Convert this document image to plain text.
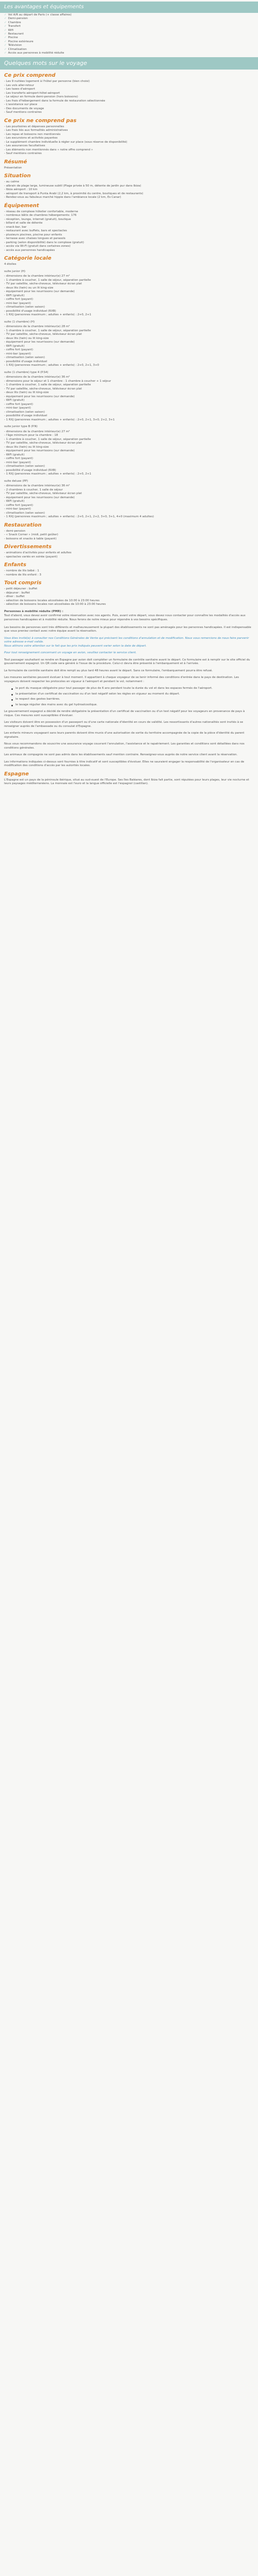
Les avantages et équipements
✓ Vol A/R au départ de Paris (+ classe affaires)
✓ Demi-pension
✓ Chambre
✓ Transfert
✓ Wifi
✓ Restaurant
✓ Piscine
✓ Piscine extérieure
✓ Télévision
✓ Climatisation
✓ Accès aux personnes à mobilité réduite
Quelques mots sur le voyage
Ce prix comprend
- Les 9 nuitées logement à l'hôtel par personne (bien choisi)
- Les vols aller-retour
- Les taxes d'aéroport
- Les transferts aéroport-hôtel-aéroport
- Le séjour en formule demi-pension (hors boissons)
- Les frais d'hébergement dans la formule de restauration sélectionnée
- L'assistance sur place
- Des documents de voyage
- Sauf mentions contraires
Ce prix ne comprend pas
- Les pourboires et dépenses personnelles
- Les frais liés aux formalités administratives
- Les repas et boissons non mentionnés
- Les excursions et activités payantes
- Le supplément chambre individuelle à régler sur place (sous réserve de disponibilité)
- Les assurances facultatives
- Les éléments non mentionnés dans « notre offre comprend »
- Sauf mentions contraires
Résumé
Présentation
Situation
- au calme
- albrain de plage large, lumineuse subtil (Plage privée à 50 m, détente de jardin pur dans Ibiza)
- Ibiza aéroport : 10 km
- aéroport de transport à Punta Arabi (2,2 km, à proximité du centre, boutiques et de restaurants)
- Rendez-vous au fabuleux marché hippie dans l'ambiance locale (2 km, Es Canar)
Équipement
- réseau de complexe hôtelier confortable, moderne
- nombreux bâtis de chambres hébergements: 176
- réception, lounge, internet (gratuit), boutique
- billard et salle de détente
- snack-bar, bar
- restaurant avec buffets, bars et spectacles
- plusieurs piscines, piscine pour enfants
- terrasse avec chaises longues et parasols
- parking (selon disponibilité) dans le complexe (gratuit)
- accès via Wi-Fi (gratuit dans certaines zones)
- accès aux personnes handicapées
Catégorie locale
4 étoiles
suite junior (H)
- dimensions de la chambre intérieur(e) 27 m²
- 1 chambre à coucher, 1 salle de séjour, séparation partielle
- TV par satellite, sèche-cheveux, téléviseur écran plat
- deux lits (twin) ou un lit king-size
- équipement pour les nourrissons (sur demande)
- WiFi (gratuit)
- coffre fort (payant)
- mini-bar (payant)
- climatisation (selon saison)
- possibilité d'usage individuel (RXB)
- 1 RXJ (personnes maximum ; adultes + enfants) : 2+0, 2+1
suite (1 chambre) (H)
- dimensions de la chambre intérieur(e) 28 m²
- 1 chambre à coucher, 1 salle de séjour, séparation partielle
- TV par satellite, sèche-cheveux, téléviseur écran plat
- deux lits (twin) ou lit king-size
- équipement pour les nourrissons (sur demande)
- WiFi (gratuit)
- coffre fort (payant)
- mini-bar (payant)
- climatisation (selon saison)
- possibilité d'usage individuel
- 1 RXJ (personnes maximum ; adultes + enfants) : 2+0, 2+1, 3+0
suite (1 chambre) type 4 (P.S4)
- dimensions de la chambre intérieur(e) 36 m²
- dimensions pour le séjour et 1 chambre : 1 chambre à coucher + 1 séjour
- 1 chambre à coucher, 1 salle de séjour, séparation partielle
- TV par satellite, sèche-cheveux, téléviseur écran plat
- deux lits (twin) ou lit king-size
- équipement pour les nourrissons (sur demande)
- WiFi (gratuit)
- coffre fort (payant)
- mini-bar (payant)
- climatisation (selon saison)
- possibilité d'usage individuel
- 1 RXJ (personnes maximum ; adultes + enfants) : 2+0, 2+1, 3+0, 2+2, 3+1
suite junior type B (P.N)
- dimensions de la chambre intérieur(e) 27 m²
- l'âge minimum pour la chambre : 18
- 1 chambre à coucher, 1 salle de séjour, séparation partielle
- TV par satellite, sèche-cheveux, téléviseur écran plat
- deux lits (twin) ou lit king-size
- équipement pour les nourrissons (sur demande)
- WiFi (gratuit)
- coffre fort (payant)
- mini-bar (payant)
- climatisation (selon saison)
- possibilité d'usage individuel (RXB)
- 1 RXJ (personnes maximum ; adultes + enfants) : 2+0, 2+1
suite deluxe (PP)
- dimensions de la chambre intérieur(e) 36 m²
- 2 chambres à coucher, 1 salle de séjour
- TV par satellite, sèche-cheveux, téléviseur écran plat
- équipement pour les nourrissons (sur demande)
- WiFi (gratuit)
- coffre fort (payant)
- mini-bar (payant)
- climatisation (selon saison)
- 1 RXJ (personnes maximum ; adultes + enfants) : 2+0, 2+1, 2+2, 3+0, 3+1, 4+0 (maximum 4 adultes)
Restauration
- demi-pension
- « Snack Corner » (midi, petit goûter)
- boissons et snacks à table (payant)
Divertissements
- animations d'activités pour enfants et adultes
- spectacles variés en soirée (payant)
Enfants
- nombre de lits bébé : 1
- nombre de lits enfant : 3
Tout compris
- petit déjeuner : buffet
- déjeuner : buffet
- dîner : buffet
- sélection de boissons locales alcoolisées de 10:00 à 23:00 heures
- sélection de boissons locales non alcoolisées de 10:00 à 23:00 heures
Personnes à mobilité réduite (PMR) :
Tout d'abord, vous devez avoir confirmé votre réservation avec nos agents. Puis, avant votre départ, vous devez nous contacter pour connaître les modalités d'accès aux personnes handicapées et à mobilité réduite. Nous ferons de notre mieux pour répondre à vos besoins spécifiques.

Les besoins de personnes sont très différents et malheureusement la plupart des établissements ne sont pas aménagés pour les personnes handicapées. Il est indispensable que vous preniez contact avec notre équipe avant la réservation.
Vous êtes invité(e) à consulter nos Conditions Générales de Vente qui précisent les conditions d'annulation et de modification. Nous vous remercions de nous faire parvenir votre adresse e-mail valide.
Nous attirons votre attention sur le fait que les prix indiqués peuvent varier selon la date de départ.
Pour tout renseignement concernant un voyage en avion, veuillez contacter le service client.
Tout passager souhaitant se rendre en Espagne par avion doit compléter un formulaire de contrôle sanitaire avant le départ. Ce formulaire est à remplir sur le site officiel du gouvernement espagnol. Un QR code sera généré à l'issue de la procédure. Celui-ci devra être présenté à l'embarquement et à l'arrivée.
Le formulaire de contrôle sanitaire doit être rempli au plus tard 48 heures avant le départ. Sans ce formulaire, l'embarquement pourra être refusé.
Les mesures sanitaires peuvent évoluer à tout moment. Il appartient à chaque voyageur de se tenir informé des conditions d'entrée dans le pays de destination. Les voyageurs doivent respecter les protocoles en vigueur à l'aéroport et pendant le vol, notamment :
le port du masque obligatoire pour tout passager de plus de 6 ans pendant toute la durée du vol et dans les espaces fermés de l'aéroport.
la présentation d'un certificat de vaccination ou d'un test négatif selon les règles en vigueur au moment du départ.
le respect des gestes barrières.
le lavage régulier des mains avec du gel hydroalcoolique.
Le gouvernement espagnol a décidé de rendre obligatoire la présentation d'un certificat de vaccination ou d'un test négatif pour les voyageurs en provenance de pays à risque. Ces mesures sont susceptibles d'évoluer.
Les visiteurs doivent être en possession d'un passeport ou d'une carte nationale d'identité en cours de validité. Les ressortissants d'autres nationalités sont invités à se renseigner auprès de l'ambassade ou du consulat d'Espagne.
Les enfants mineurs voyageant sans leurs parents doivent être munis d'une autorisation de sortie du territoire accompagnée de la copie de la pièce d'identité du parent signataire.
Nous vous recommandons de souscrire une assurance voyage couvrant l'annulation, l'assistance et le rapatriement. Les garanties et conditions sont détaillées dans nos conditions générales.
Les animaux de compagnie ne sont pas admis dans les établissements sauf mention contraire. Renseignez-vous auprès de notre service client avant la réservation.
Les informations indiquées ci-dessus sont fournies à titre indicatif et sont susceptibles d'évoluer. Elles ne sauraient engager la responsabilité de l'organisateur en cas de modification des conditions d'accès par les autorités locales.
Espagne
L'Espagne est un pays de la péninsule ibérique, situé au sud-ouest de l'Europe. Ses îles Baléares, dont Ibiza fait partie, sont réputées pour leurs plages, leur vie nocturne et leurs paysages méditerranéens. La monnaie est l'euro et la langue officielle est l'espagnol (castillan).
